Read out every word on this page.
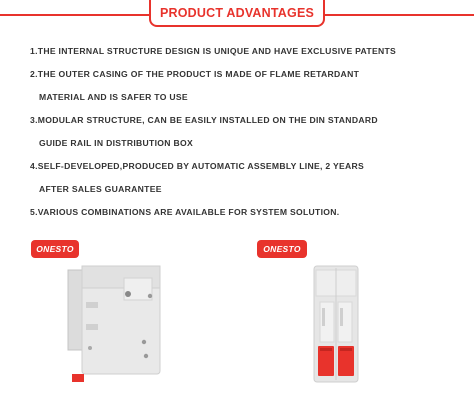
PRODUCT ADVANTAGES
1.THE INTERNAL STRUCTURE DESIGN IS UNIQUE AND HAVE EXCLUSIVE PATENTS
2.THE OUTER CASING OF THE PRODUCT IS MADE OF FLAME RETARDANT
MATERIAL AND IS SAFER TO USE
3.MODULAR STRUCTURE, CAN BE EASILY INSTALLED ON THE DIN STANDARD
GUIDE RAIL IN DISTRIBUTION BOX
4.SELF-DEVELOPED,PRODUCED BY AUTOMATIC ASSEMBLY LINE, 2 YEARS
AFTER SALES GUARANTEE
5.VARIOUS COMBINATIONS ARE AVAILABLE FOR SYSTEM SOLUTION.
ONESTO	ONESTO
